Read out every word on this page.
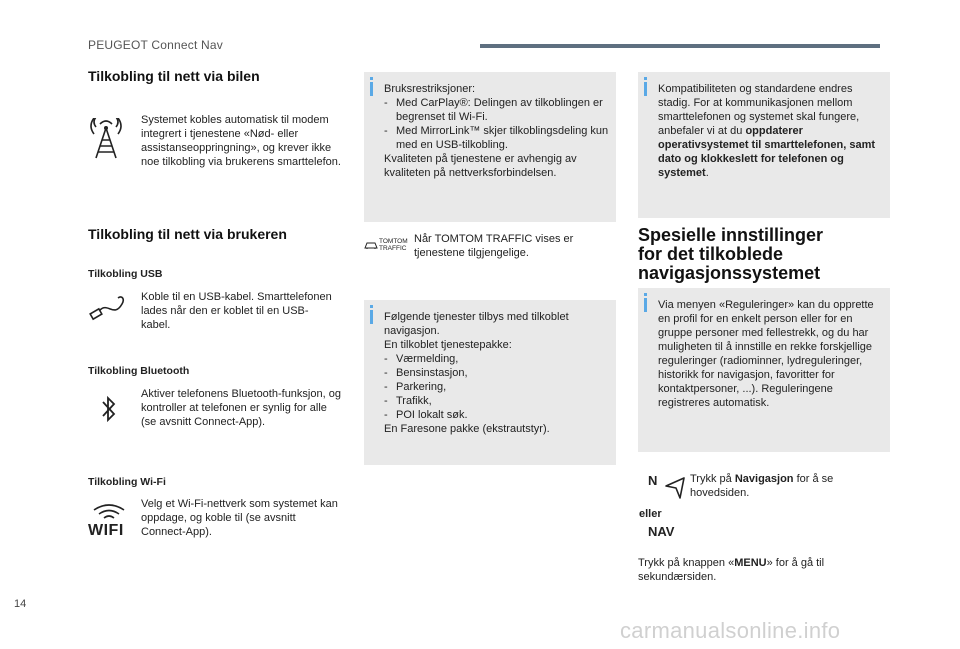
PEUGEOT Connect Nav
Tilkobling til nett via bilen
Systemet kobles automatisk til modem integrert i tjenestene «Nød- eller assistanseoppringning», og krever ikke noe tilkobling via brukerens smarttelefon.
Tilkobling til nett via brukeren
Tilkobling USB
Koble til en USB-kabel. Smarttelefonen lades når den er koblet til en USB-kabel.
Tilkobling Bluetooth
Aktiver telefonens Bluetooth-funksjon, og kontroller at telefonen er synlig for alle (se avsnitt Connect-App).
Tilkobling Wi-Fi
WIFI
Velg et Wi-Fi-nettverk som systemet kan oppdage, og koble til (se avsnitt Connect-App).
Bruksrestriksjoner:
- Med CarPlay®: Delingen av tilkoblingen er begrenset til Wi-Fi.
- Med MirrorLink™ skjer tilkoblingsdeling kun med en USB-tilkobling.
Kvaliteten på tjenestene er avhengig av kvaliteten på nettverksforbindelsen.
TOMTOM
TRAFFIC
Når TOMTOM TRAFFIC vises er tjenestene tilgjengelige.
Følgende tjenester tilbys med tilkoblet navigasjon.
En tilkoblet tjenestepakke:
- Værmelding,
- Bensinstasjon,
- Parkering,
- Trafikk,
- POI lokalt søk.
En Faresone pakke (ekstrautstyr).
Kompatibiliteten og standardene endres stadig. For at kommunikasjonen mellom smarttelefonen og systemet skal fungere, anbefaler vi at du oppdaterer operativsystemet til smarttelefonen, samt dato og klokkeslett for telefonen og systemet.
Spesielle innstillinger
for det tilkoblede
navigasjonssystemet
Via menyen «Reguleringer» kan du opprette en profil for en enkelt person eller for en gruppe personer med fellestrekk, og du har muligheten til å innstille en rekke forskjellige reguleringer (radiominner, lydreguleringer, historikk for navigasjon, favoritter for kontaktpersoner, ...). Reguleringene registreres automatisk.
N
eller
NAV
Trykk på Navigasjon for å se hovedsiden.
Trykk på knappen «MENU» for å gå til sekundærsiden.
14
carmanualsonline.info
